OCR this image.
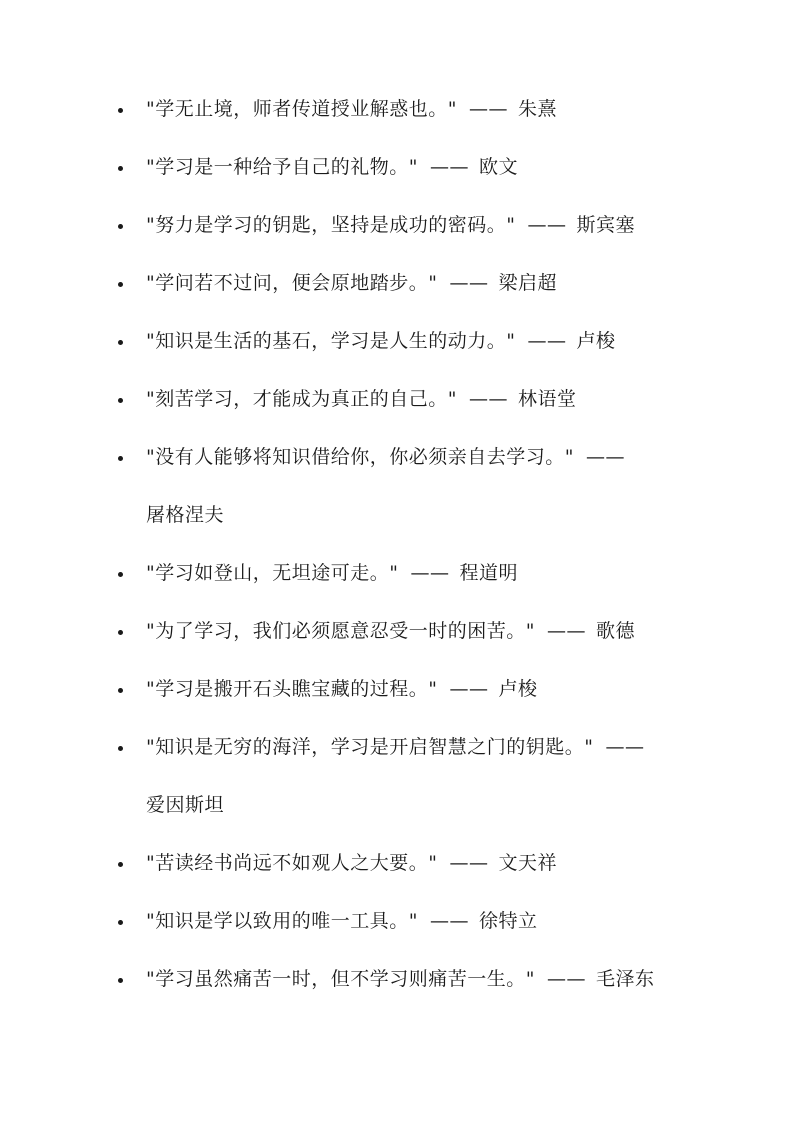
"学无止境，师者传道授业解惑也。" —— 朱熹
"学习是一种给予自己的礼物。" —— 欧文
"努力是学习的钥匙，坚持是成功的密码。" —— 斯宾塞
"学问若不过问，便会原地踏步。" —— 梁启超
"知识是生活的基石，学习是人生的动力。" —— 卢梭
"刻苦学习，才能成为真正的自己。" —— 林语堂
"没有人能够将知识借给你，你必须亲自去学习。" ——
屠格涅夫
"学习如登山，无坦途可走。" —— 程道明
"为了学习，我们必须愿意忍受一时的困苦。" —— 歌德
"学习是搬开石头瞧宝藏的过程。" —— 卢梭
"知识是无穷的海洋，学习是开启智慧之门的钥匙。" ——
爱因斯坦
"苦读经书尚远不如观人之大要。" —— 文天祥
"知识是学以致用的唯一工具。" —— 徐特立
"学习虽然痛苦一时，但不学习则痛苦一生。" —— 毛泽东
